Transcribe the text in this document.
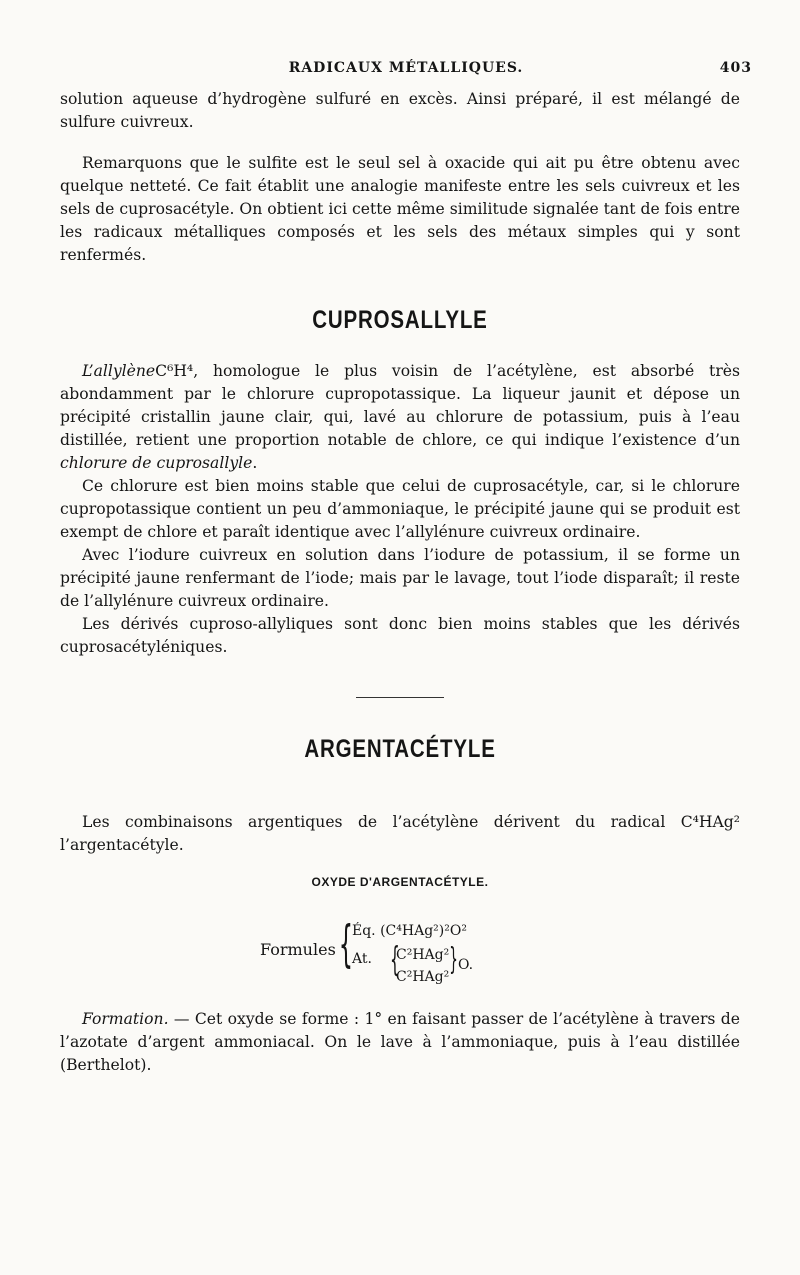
RADICAUX MÉTALLIQUES.	403

solution aqueuse d’hydrogène sulfuré en excès. Ainsi préparé, il est mélangé de sulfure cuivreux.

Remarquons que le sulfite est le seul sel à oxacide qui ait pu être obtenu avec quelque netteté. Ce fait établit une analogie manifeste entre les sels cuivreux et les sels de cuprosacétyle. On obtient ici cette même similitude signalée tant de fois entre les radicaux métalliques composés et les sels des métaux simples qui y sont renfermés.

CUPROSALLYLE

L’allylèneC⁶H⁴, homologue le plus voisin de l’acétylène, est absorbé très abondamment par le chlorure cupropotassique. La liqueur jaunit et dépose un précipité cristallin jaune clair, qui, lavé au chlorure de potassium, puis à l’eau distillée, retient une proportion notable de chlore, ce qui indique l’existence d’un chlorure de cuprosallyle.

Ce chlorure est bien moins stable que celui de cuprosacétyle, car, si le chlorure cupropotassique contient un peu d’ammoniaque, le précipité jaune qui se produit est exempt de chlore et paraît identique avec l’allylénure cuivreux ordinaire.

Avec l’iodure cuivreux en solution dans l’iodure de potassium, il se forme un précipité jaune renfermant de l’iode; mais par le lavage, tout l’iode disparaît; il reste de l’allylénure cuivreux ordinaire.

Les dérivés cuproso-allyliques sont donc bien moins stables que les dérivés cuprosacétyléniques.

ARGENTACÉTYLE

Les combinaisons argentiques de l’acétylène dérivent du radical C⁴HAg² l’argentacétyle.

OXYDE D'ARGENTACÉTYLE.

Formules {
Éq. (C⁴HAg²)²O²
At. {
C²HAg²
C²HAg² } O.

Formation. — Cet oxyde se forme : 1° en faisant passer de l’acétylène à travers de l’azotate d’argent ammoniacal. On le lave à l’ammoniaque, puis à l’eau distillée (Berthelot).
